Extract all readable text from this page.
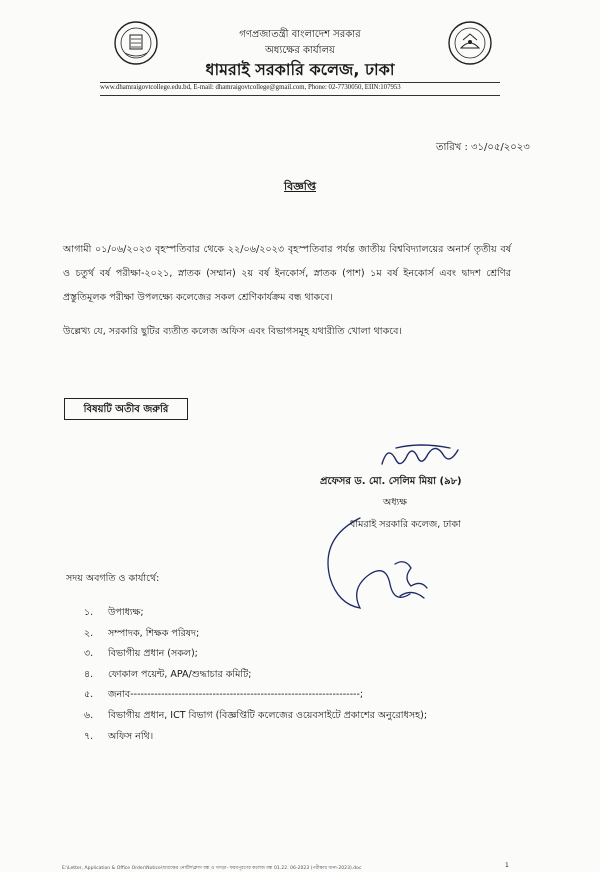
গণপ্রজাতন্ত্রী বাংলাদেশ সরকার
অধ্যক্ষের কার্যালয়
ধামরাই সরকারি কলেজ, ঢাকা
www.dhamraigovtcollege.edu.bd, E-mail: dhamraigovtcollege@gmail.com, Phone: 02-7730050, EIIN:107953
তারিখ : ৩১/০৫/২০২৩
বিজ্ঞপ্তি
আগামী ০১/০৬/২০২৩ বৃহস্পতিবার থেকে ২২/০৬/২০২৩ বৃহস্পতিবার পর্যন্ত জাতীয় বিশ্ববিদ্যালয়ের অনার্স তৃতীয় বর্ষ ও চতুর্থ বর্ষ পরীক্ষা-২০২১, স্নাতক (সম্মান) ২য় বর্ষ ইনকোর্স, স্নাতক (পাশ) ১ম বর্ষ ইনকোর্স এবং দ্বাদশ শ্রেণির প্রস্তুতিমূলক পরীক্ষা উপলক্ষ্যে কলেজের সকল শ্রেণিকার্যক্রম বন্ধ থাকবে।
উল্লেখ্য যে, সরকারি ছুটির ব্যতীত কলেজ অফিস এবং বিভাগসমূহ যথারীতি খোলা থাকবে।
বিষয়টি অতীব জরুরি
প্রফেসর ড. মো. সেলিম মিয়া (৯৮)
অধ্যক্ষ
ধামরাই সরকারি কলেজ, ঢাকা
সদয় অবগতি ও কার্যার্থে:
১. উপাধ্যক্ষ;
২. সম্পাদক, শিক্ষক পরিষদ;
৩. বিভাগীয় প্রধান (সকল);
৪. ফোকাল পয়েন্ট, APA/শুদ্ধাচার কমিটি;
৫. জনাব-------------------------------------------------------------------;
৬. বিভাগীয় প্রধান, ICT বিভাগ (বিজ্ঞপ্তিটি কলেজের ওয়েবসাইটে প্রকাশের অনুরোধসহ);
৭. অফিস নথি।
E:\Letter, Application & Office Order\Notice\অধ্যক্ষের নোটিশ\ক্লাস বন্ধ ও খসড়া- ফরমপূরণের কলেজ বন্ধ 01.22. 06-2023 (পরীক্ষার জন্য-2023).doc	1
